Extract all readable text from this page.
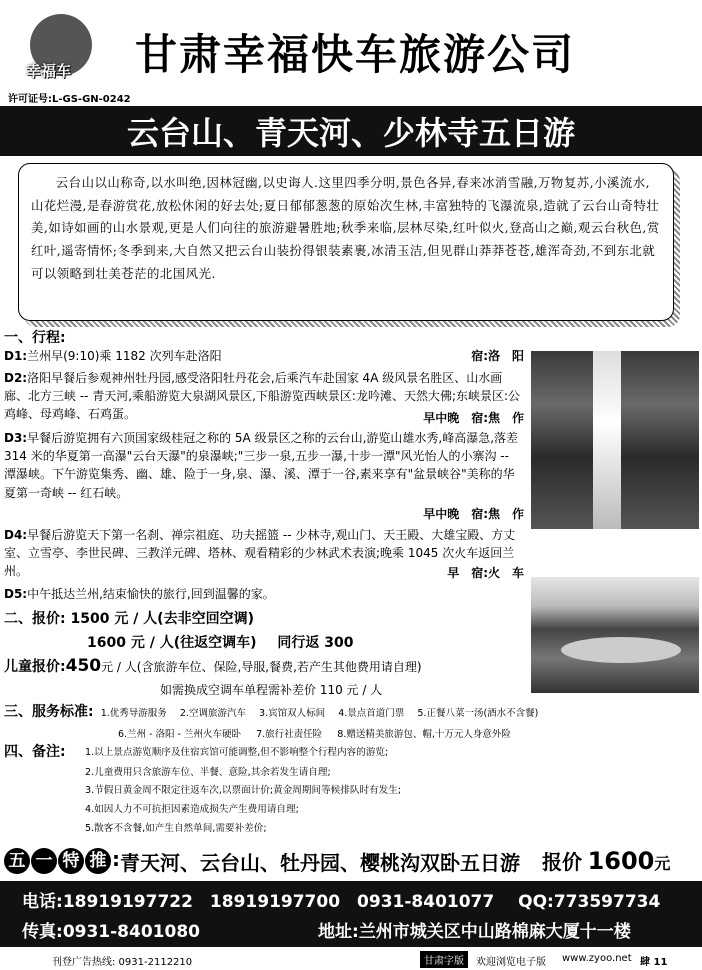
幸福车
许可证号:L-GS-GN-0242
甘肃幸福快车旅游公司
云台山、青天河、少林寺五日游
云台山以山称奇,以水叫绝,因林冠幽,以史诲人.这里四季分明,景色各异,春来冰消雪融,万物复苏,小溪流水,山花烂漫,是春游赏花,放松休闲的好去处;夏日郁郁葱葱的原始次生林,丰富独特的飞瀑流泉,造就了云台山奇特壮美,如诗如画的山水景观,更是人们向往的旅游避暑胜地;秋季来临,层林尽染,红叶似火,登高山之巅,观云台秋色,赏红叶,遥寄情怀;冬季到来,大自然又把云台山装扮得银装素裹,冰清玉洁,但见群山莽莽苍苍,雄浑奇劲,不到东北就可以领略到壮美苍茫的北国风光.
一、行程:
D1:兰州早(9:10)乘 1182 次列车赴洛阳	宿:洛　阳
D2:洛阳早餐后参观神州牡丹园,感受洛阳牡丹花会,后乘汽车赴国家 4A 级风景名胜区、山水画廊、北方三峡 -- 青天河,乘船游览大泉湖风景区,下船游览西峡景区:龙吟滩、天然大佛;东峡景区:公鸡峰、母鸡峰、石鸡蛋。	早中晚　宿:焦　作
D3:早餐后游览拥有六顶国家级桂冠之称的 5A 级景区之称的云台山,游览山雄水秀,峰高瀑急,落差 314 米的华夏第一高瀑"云台天瀑"的泉瀑峡;"三步一泉,五步一瀑,十步一潭"风光怡人的小寨沟 -- 潭瀑峡。下午游览集秀、幽、雄、险于一身,泉、瀑、溪、潭于一谷,素来享有"盆景峡谷"美称的华夏第一奇峡 -- 红石峡。
早中晚　宿:焦　作
D4:早餐后游览天下第一名刹、禅宗祖庭、功夫摇篮 -- 少林寺,观山门、天王殿、大雄宝殿、方丈室、立雪亭、李世民碑、三教洋元碑、塔林、观看精彩的少林武术表演;晚乘 1045 次火车返回兰州。	早　宿:火　车
D5:中午抵达兰州,结束愉快的旅行,回到温馨的家。
二、报价: 1500 元 / 人(去非空回空调)
1600 元 / 人(往返空调车) 同行返 300
儿童报价:450元 / 人(含旅游车位、保险,导服,餐费,若产生其他费用请自理)
如需换成空调车单程需补差价 110 元 / 人
三、服务标准: 1.优秀导游服务 2.空调旅游汽车 3.宾馆双人标间 4.景点首道门票 5.正餐八菜一汤(酒水不含餐)
6.兰州 - 洛阳 - 兰州火车硬卧 7.旅行社责任险 8.赠送精美旅游包、帽,十万元人身意外险
四、备注: 1.以上景点游览顺序及住宿宾馆可能调整,但不影响整个行程内容的游览;
2.儿童费用只含旅游车位、半餐、意险,其余若发生请自理;
3.节假日黄金周不限定往返车次,以票面计价;黄金周期间等候排队时有发生;
4.如因人力不可抗拒因素造成损失产生费用请自理;
5.散客不含餐,如产生自然单间,需要补差价;
五 一 特 推 :青天河、云台山、牡丹园、樱桃沟双卧五日游 报价 1600元
电话:18919197722　18919197700　0931-8401077 QQ:773597734
传真:0931-8401080	地址:兰州市城关区中山路棉麻大厦十一楼
刊登广告热线: 0931-2112210	甘肃字版	欢迎浏览电子版 www.zyoo.net 肆 11
